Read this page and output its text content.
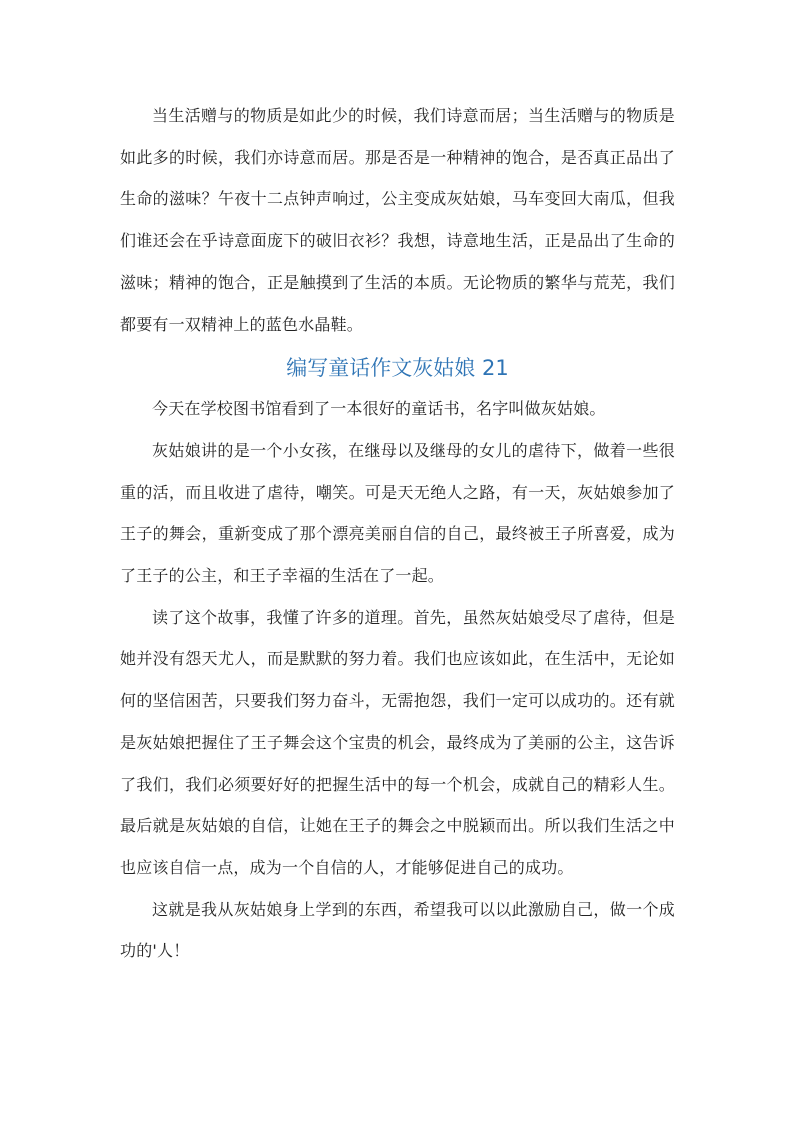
当生活赠与的物质是如此少的时候，我们诗意而居；当生活赠与的物质是如此多的时候，我们亦诗意而居。那是否是一种精神的饱合，是否真正品出了生命的滋味？午夜十二点钟声响过，公主变成灰姑娘，马车变回大南瓜，但我们谁还会在乎诗意面庞下的破旧衣衫？我想，诗意地生活，正是品出了生命的滋味；精神的饱合，正是触摸到了生活的本质。无论物质的繁华与荒芜，我们都要有一双精神上的蓝色水晶鞋。

编写童话作文灰姑娘 21

今天在学校图书馆看到了一本很好的童话书，名字叫做灰姑娘。

灰姑娘讲的是一个小女孩，在继母以及继母的女儿的虐待下，做着一些很重的活，而且收进了虐待，嘲笑。可是天无绝人之路，有一天，灰姑娘参加了王子的舞会，重新变成了那个漂亮美丽自信的自己，最终被王子所喜爱，成为了王子的公主，和王子幸福的生活在了一起。

读了这个故事，我懂了许多的道理。首先，虽然灰姑娘受尽了虐待，但是她并没有怨天尤人，而是默默的努力着。我们也应该如此，在生活中，无论如何的坚信困苦，只要我们努力奋斗，无需抱怨，我们一定可以成功的。还有就是灰姑娘把握住了王子舞会这个宝贵的机会，最终成为了美丽的公主，这告诉了我们，我们必须要好好的把握生活中的每一个机会，成就自己的精彩人生。最后就是灰姑娘的自信，让她在王子的舞会之中脱颖而出。所以我们生活之中也应该自信一点，成为一个自信的人，才能够促进自己的成功。

这就是我从灰姑娘身上学到的东西，希望我可以以此激励自己，做一个成功的'人！
